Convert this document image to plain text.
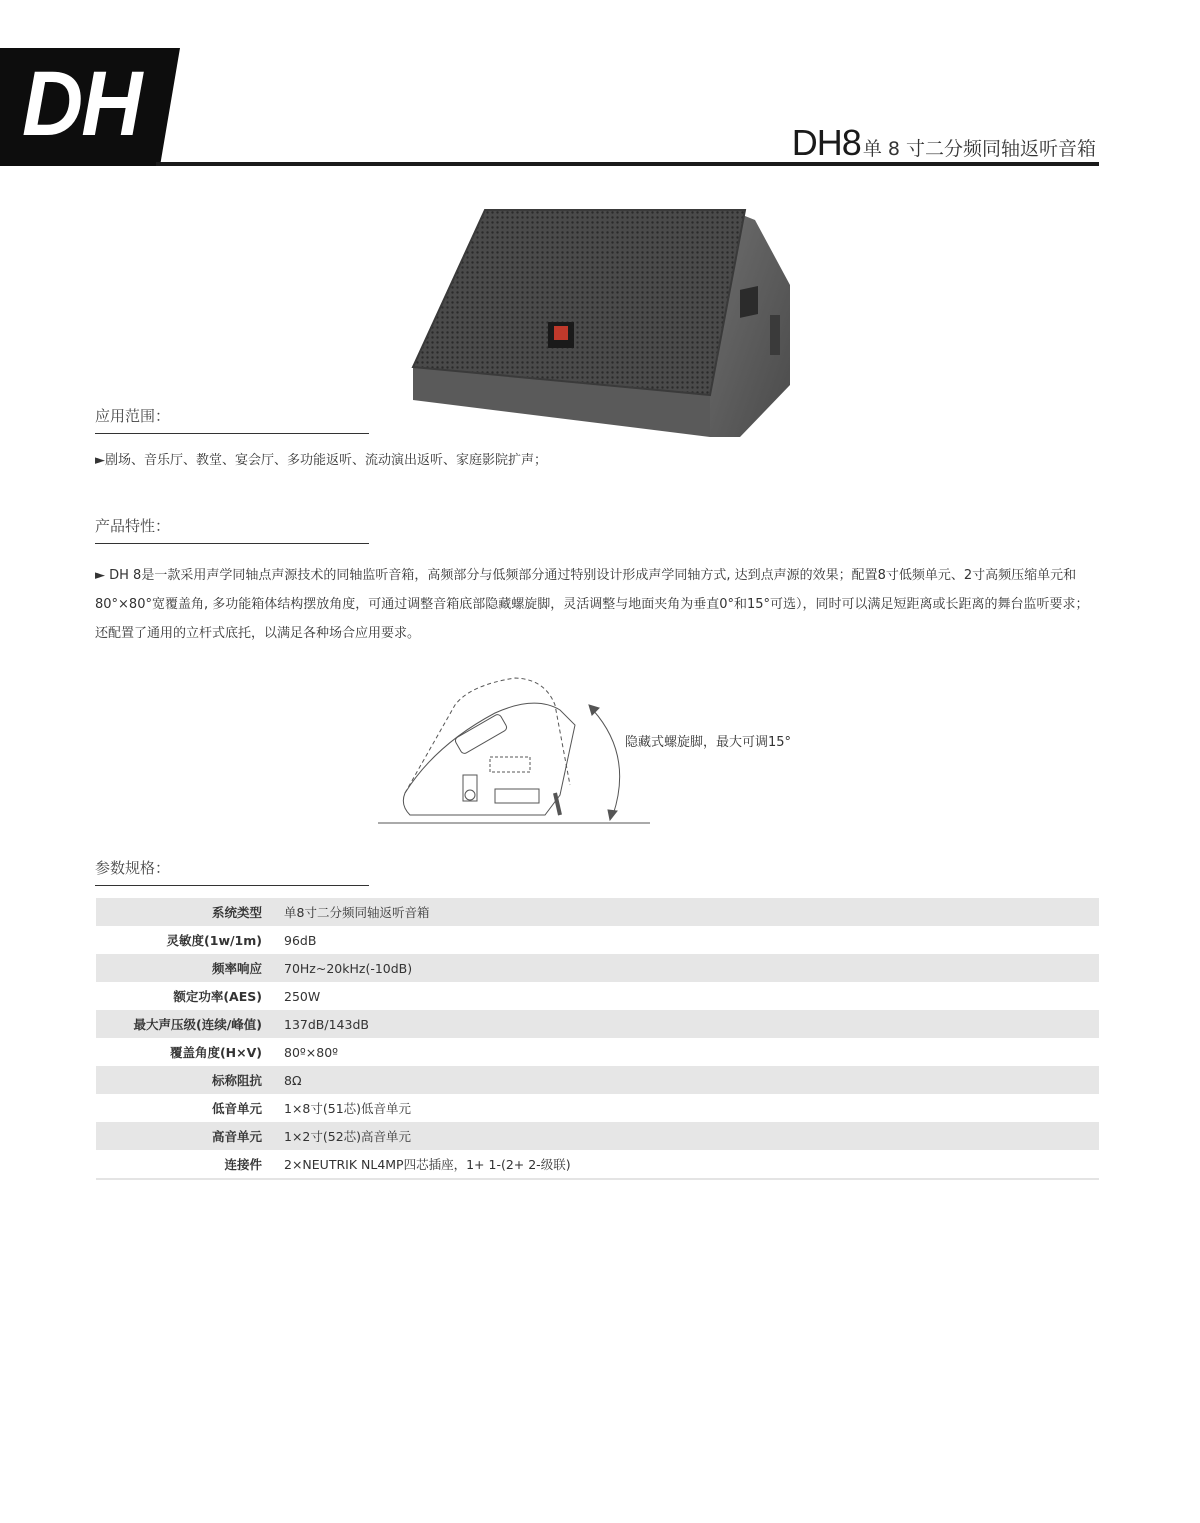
DH	DH8 单 8 寸二分频同轴返听音箱
应用范围：
►剧场、音乐厅、教堂、宴会厅、多功能返听、流动演出返听、家庭影院扩声；
产品特性：
► DH 8是一款采用声学同轴点声源技术的同轴监听音箱，高频部分与低频部分通过特别设计形成声学同轴方式, 达到点声源的效果；配置8寸低频单元、2寸高频压缩单元和80°×80°宽覆盖角, 多功能箱体结构摆放角度，可通过调整音箱底部隐藏螺旋脚，灵活调整与地面夹角为垂直0°和15°可选），同时可以满足短距离或长距离的舞台监听要求；还配置了通用的立杆式底托，以满足各种场合应用要求。
隐藏式螺旋脚，最大可调15°
参数规格：
系统类型	单8寸二分频同轴返听音箱
灵敏度(1w/1m)	96dB
频率响应	70Hz~20kHz(-10dB)
额定功率(AES)	250W
最大声压级(连续/峰值)	137dB/143dB
覆盖角度(H×V)	80º×80º
标称阻抗	8Ω
低音单元	1×8寸(51芯)低音单元
高音单元	1×2寸(52芯)高音单元
连接件	2×NEUTRIK NL4MP四芯插座，1+ 1-(2+ 2-级联)
